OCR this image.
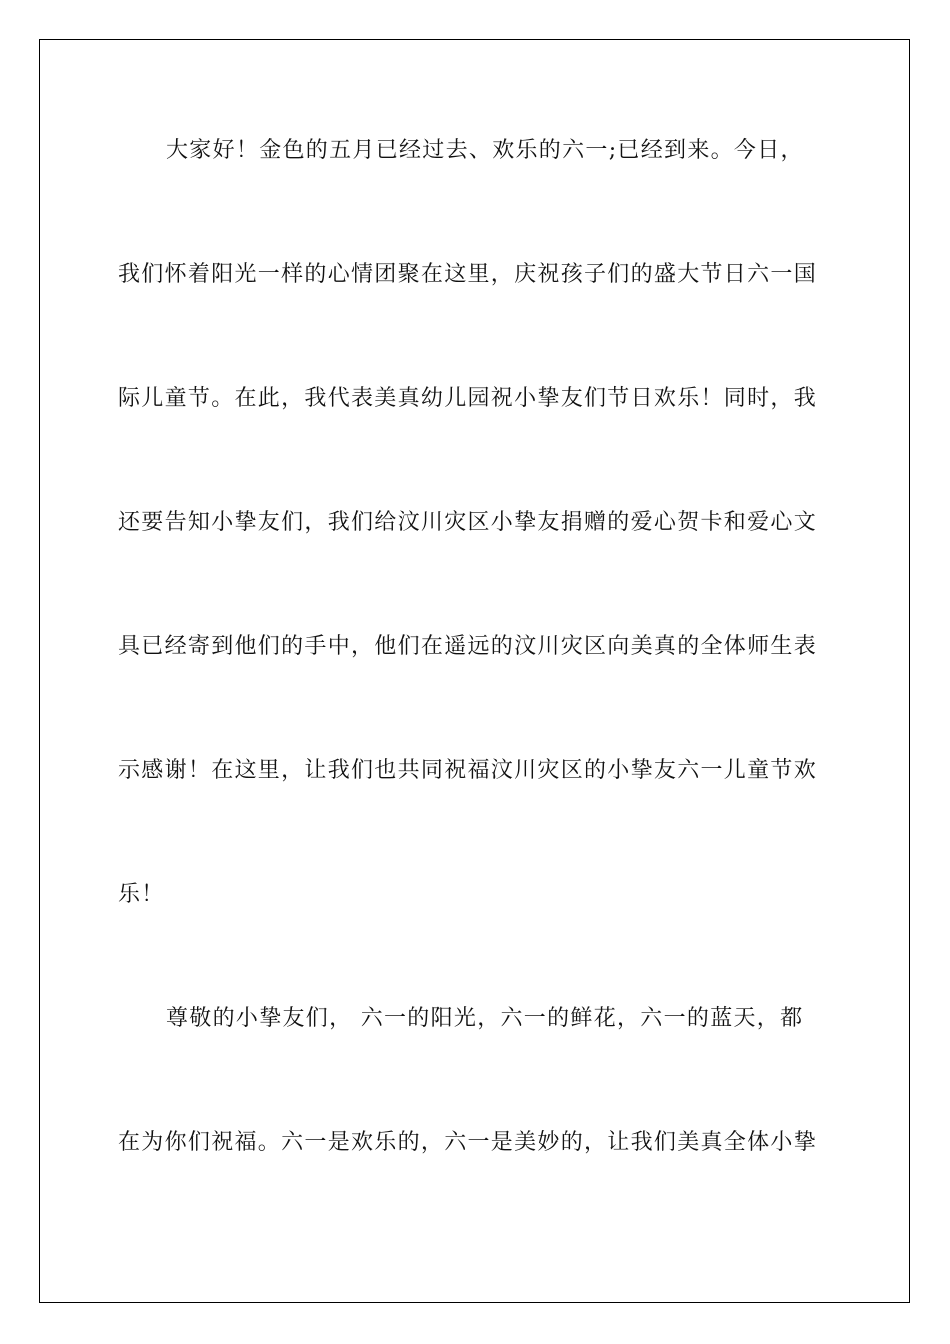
大家好！金色的五月已经过去、欢乐的六一;已经到来。今日，
我们怀着阳光一样的心情团聚在这里，庆祝孩子们的盛大节日六一国
际儿童节。在此，我代表美真幼儿园祝小挚友们节日欢乐！同时，我
还要告知小挚友们，我们给汶川灾区小挚友捐赠的爱心贺卡和爱心文
具已经寄到他们的手中，他们在遥远的汶川灾区向美真的全体师生表
示感谢！在这里，让我们也共同祝福汶川灾区的小挚友六一儿童节欢
乐！
尊敬的小挚友们， 六一的阳光，六一的鲜花，六一的蓝天，都
在为你们祝福。六一是欢乐的，六一是美妙的，让我们美真全体小挚
